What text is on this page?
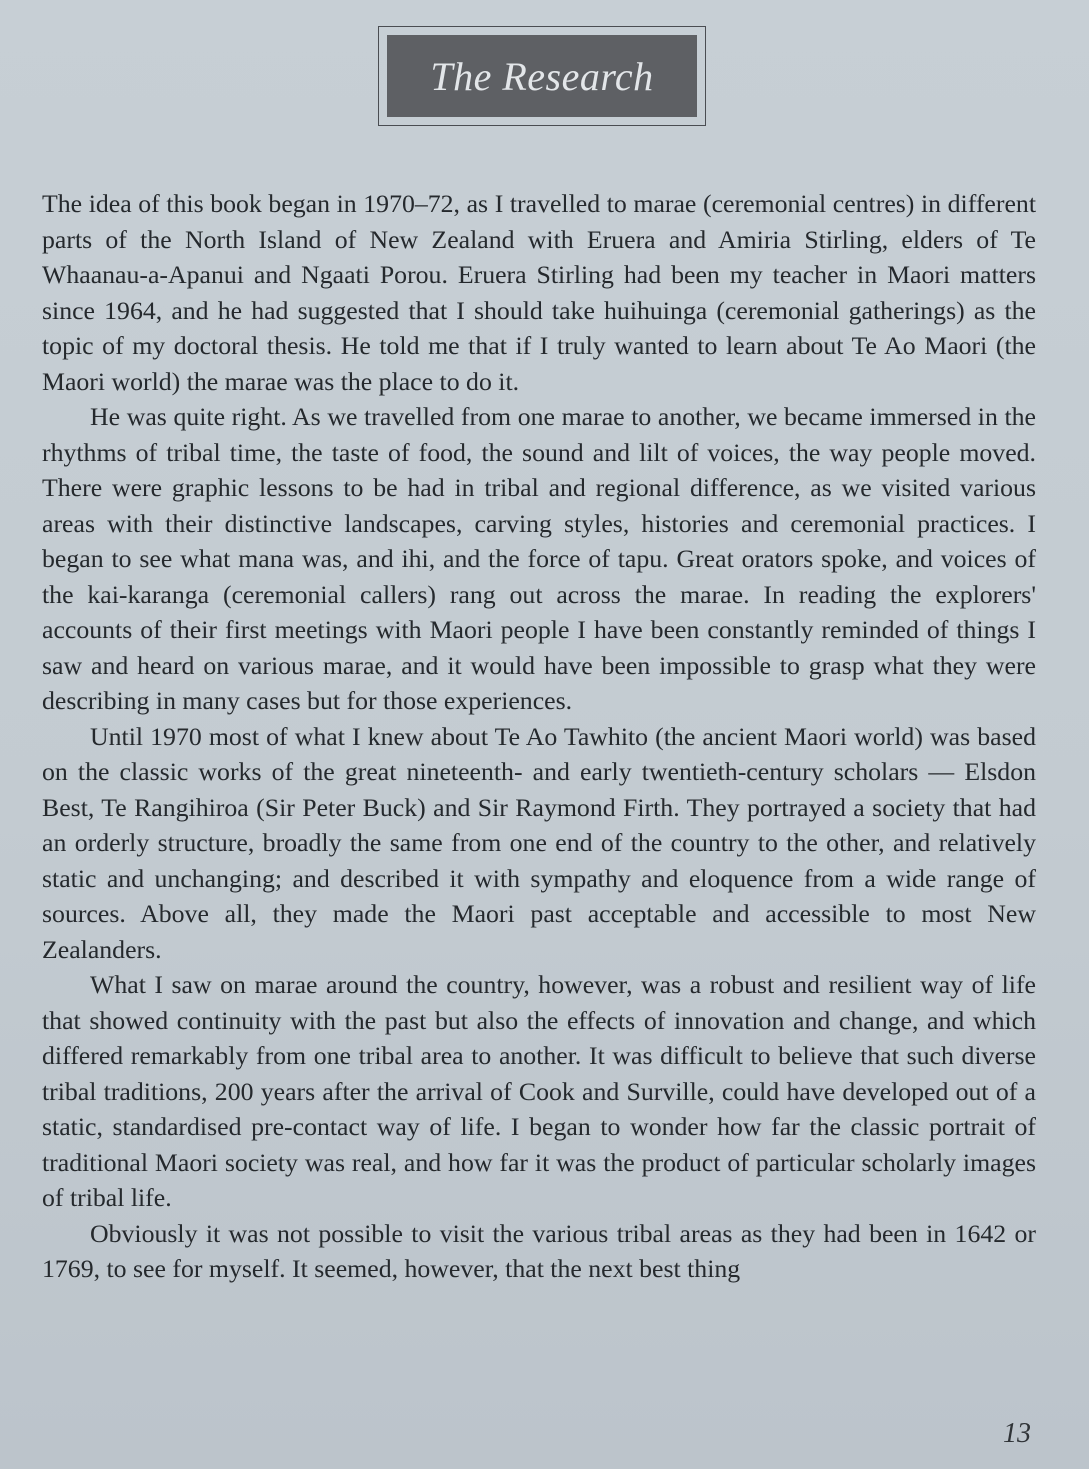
The Research

The idea of this book began in 1970–72, as I travelled to marae (ceremonial centres) in different parts of the North Island of New Zealand with Eruera and Amiria Stirling, elders of Te Whaanau-a-Apanui and Ngaati Porou. Eruera Stirling had been my teacher in Maori matters since 1964, and he had suggested that I should take huihuinga (ceremonial gatherings) as the topic of my doctoral thesis. He told me that if I truly wanted to learn about Te Ao Maori (the Maori world) the marae was the place to do it.

He was quite right. As we travelled from one marae to another, we became immersed in the rhythms of tribal time, the taste of food, the sound and lilt of voices, the way people moved. There were graphic lessons to be had in tribal and regional difference, as we visited various areas with their distinctive landscapes, carving styles, histories and ceremonial practices. I began to see what mana was, and ihi, and the force of tapu. Great orators spoke, and voices of the kai-karanga (ceremonial callers) rang out across the marae. In reading the explorers' accounts of their first meetings with Maori people I have been constantly reminded of things I saw and heard on various marae, and it would have been impossible to grasp what they were describing in many cases but for those experiences.

Until 1970 most of what I knew about Te Ao Tawhito (the ancient Maori world) was based on the classic works of the great nineteenth- and early twentieth-century scholars — Elsdon Best, Te Rangihiroa (Sir Peter Buck) and Sir Raymond Firth. They portrayed a society that had an orderly structure, broadly the same from one end of the country to the other, and relatively static and unchanging; and described it with sympathy and eloquence from a wide range of sources. Above all, they made the Maori past acceptable and accessible to most New Zealanders.

What I saw on marae around the country, however, was a robust and resilient way of life that showed continuity with the past but also the effects of innovation and change, and which differed remarkably from one tribal area to another. It was difficult to believe that such diverse tribal traditions, 200 years after the arrival of Cook and Surville, could have developed out of a static, standardised pre-contact way of life. I began to wonder how far the classic portrait of traditional Maori society was real, and how far it was the product of particular scholarly images of tribal life.

Obviously it was not possible to visit the various tribal areas as they had been in 1642 or 1769, to see for myself. It seemed, however, that the next best thing

13
